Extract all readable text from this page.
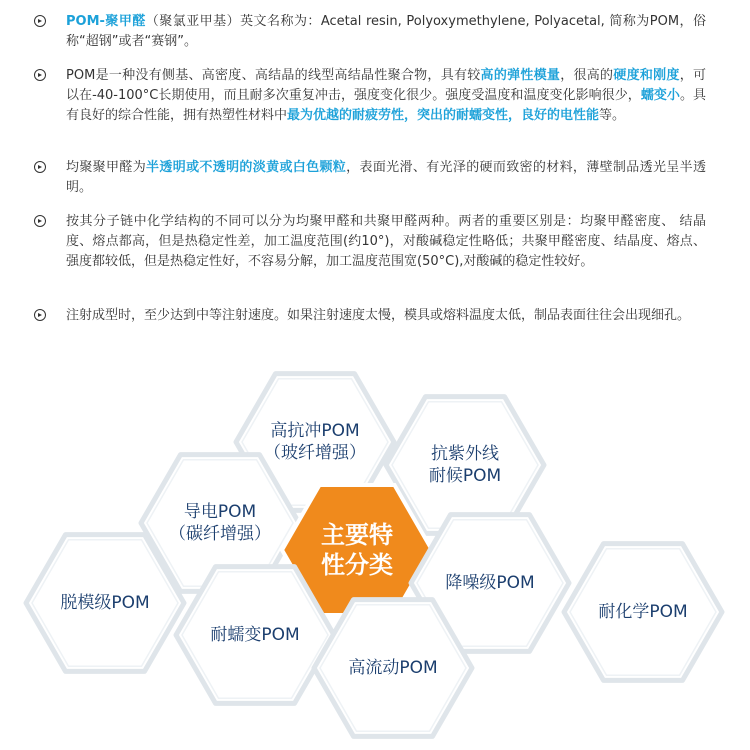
POM-聚甲醛（聚氯亚甲基）英文名称为：Acetal resin, Polyoxymethylene, Polyacetal, 简称为POM，俗称“超钢”或者“赛钢”。
POM是一种没有侧基、高密度、高结晶的线型高结晶性聚合物，具有较高的弹性模量，很高的硬度和刚度，可以在-40-100°C长期使用，而且耐多次重复冲击，强度变化很少。强度受温度和温度变化影响很少，蠕变小。具有良好的综合性能，拥有热塑性材料中最为优越的耐疲劳性，突出的耐蠕变性，良好的电性能等。
均聚聚甲醛为半透明或不透明的淡黄或白色颗粒，表面光滑、有光泽的硬而致密的材料，薄壁制品透光呈半透明。
按其分子链中化学结构的不同可以分为均聚甲醛和共聚甲醛两种。两者的重要区别是：均聚甲醛密度、 结晶度、熔点都高，但是热稳定性差，加工温度范围(约10°)，对酸碱稳定性略低；共聚甲醛密度、结晶度、熔点、强度都较低，但是热稳定性好，不容易分解，加工温度范围宽(50°C),对酸碱的稳定性较好。
注射成型时，至少达到中等注射速度。如果注射速度太慢，模具或熔料温度太低，制品表面往往会出现细孔。
高抗冲POM
（玻纤增强）	抗紫外线
耐候POM
导电POM
（碳纤增强）	主要特
性分类
降噪级POM
耐化学POM
脱模级POM
耐蠕变POM
高流动POM
